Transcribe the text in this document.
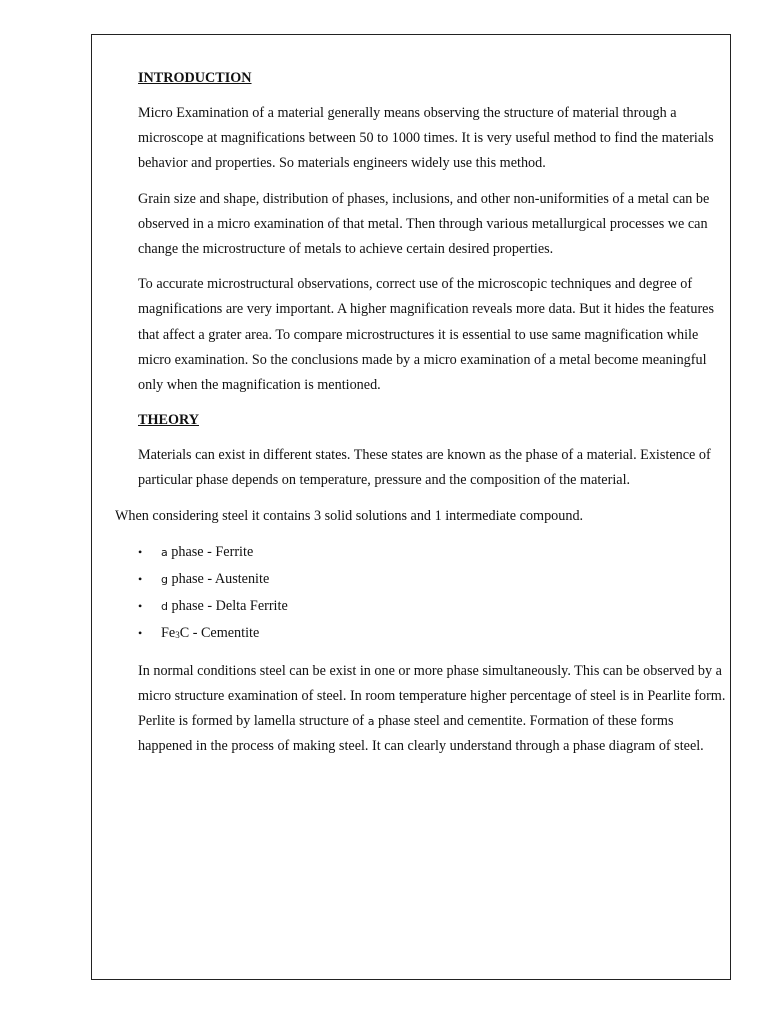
INTRODUCTION

Micro Examination of a material generally means observing the structure of material through a microscope at magnifications between 50 to 1000 times. It is very useful method to find the materials behavior and properties. So materials engineers widely use this method.

Grain size and shape, distribution of phases, inclusions, and other non-uniformities of a metal can be observed in a micro examination of that metal. Then through various metallurgical processes we can change the microstructure of metals to achieve certain desired properties.

To accurate microstructural observations, correct use of the microscopic techniques and degree of magnifications are very important. A higher magnification reveals more data. But it hides the features that affect a grater area. To compare microstructures it is essential to use same magnification while micro examination. So the conclusions made by a micro examination of a metal become meaningful only when the magnification is mentioned.

THEORY

Materials can exist in different states. These states are known as the phase of a material. Existence of particular phase depends on temperature, pressure and the composition of the material.

When considering steel it contains 3 solid solutions and 1 intermediate compound.

• a phase - Ferrite
• g phase - Austenite
• d phase - Delta Ferrite
• Fe3C - Cementite

In normal conditions steel can be exist in one or more phase simultaneously. This can be observed by a micro structure examination of steel. In room temperature higher percentage of steel is in Pearlite form. Perlite is formed by lamella structure of a phase steel and cementite. Formation of these forms happened in the process of making steel. It can clearly understand through a phase diagram of steel.
